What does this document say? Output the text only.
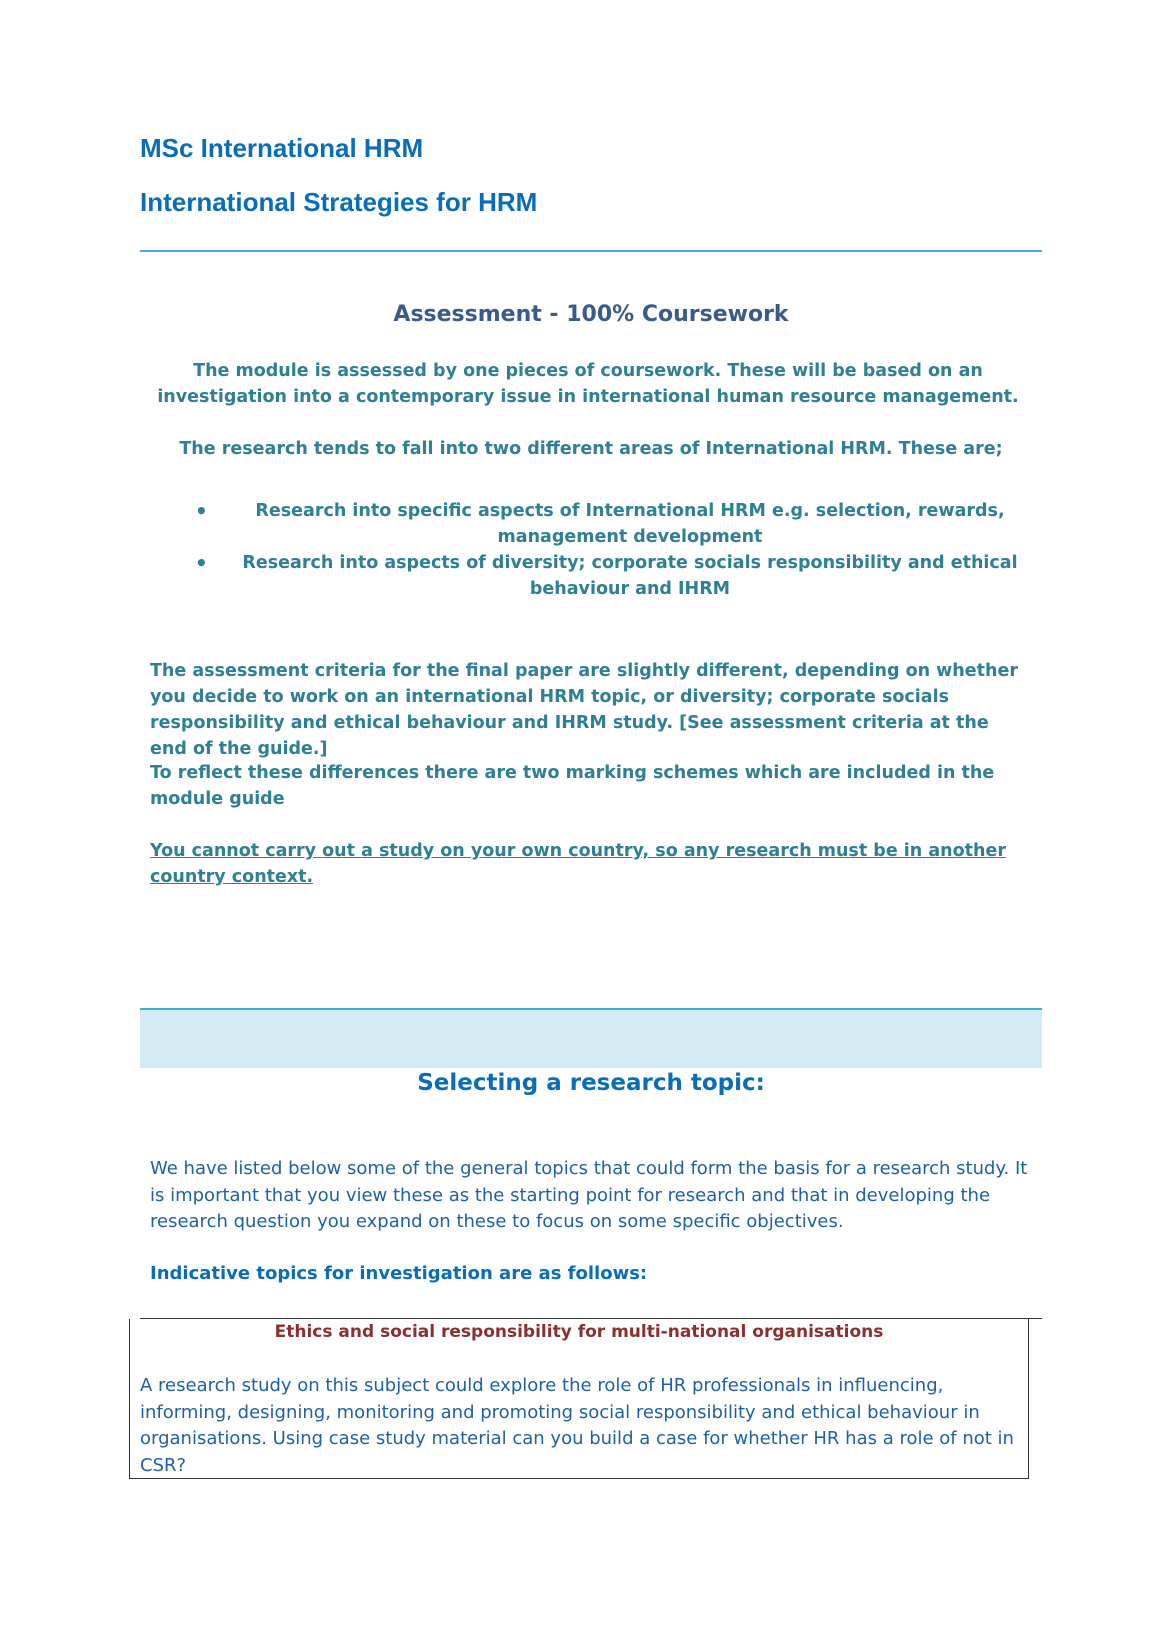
MSc International HRM
International Strategies for HRM
Assessment - 100% Coursework

The module is assessed by one pieces of coursework. These will be based on an investigation into a contemporary issue in international human resource management.

The research tends to fall into two different areas of International HRM. These are;

•	Research into specific aspects of International HRM e.g. selection, rewards, management development
• Research into aspects of diversity; corporate socials responsibility and ethical behaviour and IHRM

The assessment criteria for the final paper are slightly different, depending on whether you decide to work on an international HRM topic, or diversity; corporate socials responsibility and ethical behaviour and IHRM study. [See assessment criteria at the end of the guide.]

To reflect these differences there are two marking schemes which are included in the module guide

You cannot carry out a study on your own country, so any research must be in another country context.

Selecting a research topic:

We have listed below some of the general topics that could form the basis for a research study. It is important that you view these as the starting point for research and that in developing the research question you expand on these to focus on some specific objectives.

Indicative topics for investigation are as follows:

Ethics and social responsibility for multi-national organisations

A research study on this subject could explore the role of HR professionals in influencing, informing, designing, monitoring and promoting social responsibility and ethical behaviour in organisations. Using case study material can you build a case for whether HR has a role of not in CSR?
